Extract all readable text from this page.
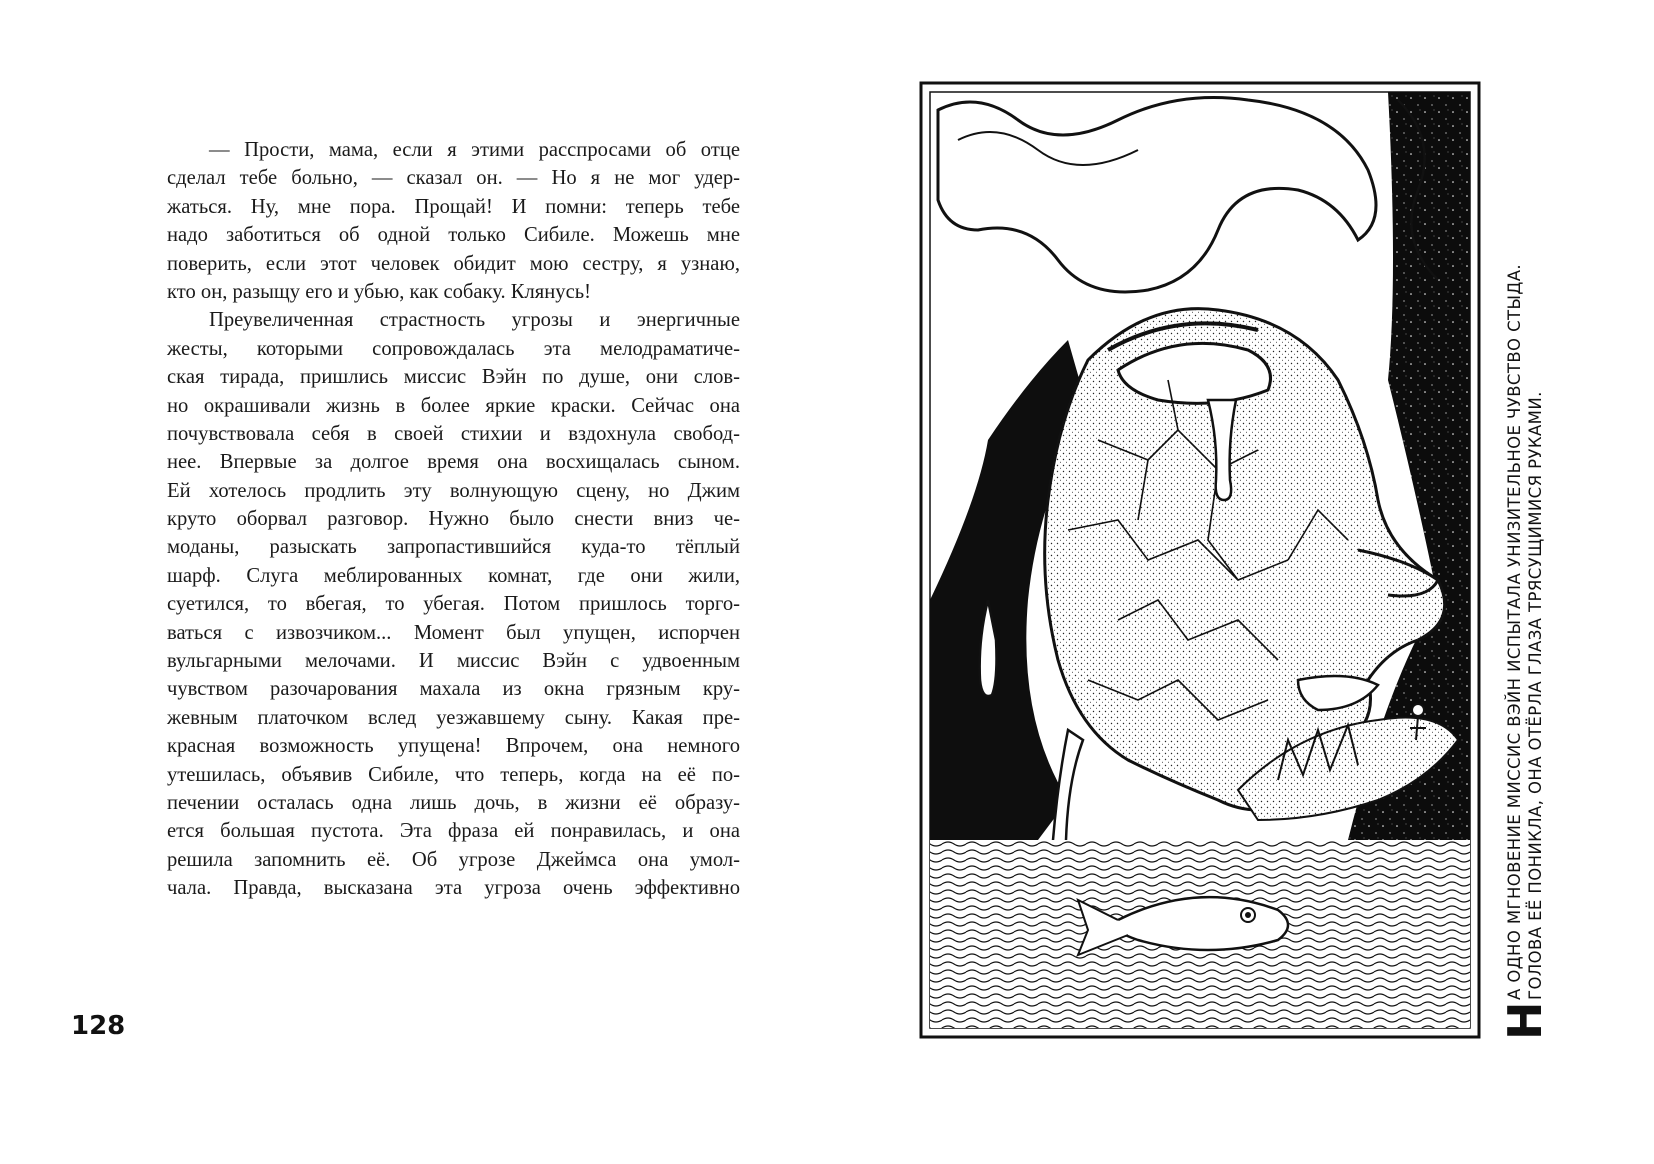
— Прости, мама, если я этими расспросами об отце
сделал тебе больно, — сказал он. — Но я не мог удер-
жаться. Ну, мне пора. Прощай! И помни: теперь тебе
надо заботиться об одной только Сибиле. Можешь мне
поверить, если этот человек обидит мою сестру, я узнаю,
кто он, разыщу его и убью, как собаку. Клянусь!
Преувеличенная страстность угрозы и энергичные
жесты, которыми сопровождалась эта мелодраматиче-
ская тирада, пришлись миссис Вэйн по душе, они слов-
но окрашивали жизнь в более яркие краски. Сейчас она
почувствовала себя в своей стихии и вздохнула свобод-
нее. Впервые за долгое время она восхищалась сыном.
Ей хотелось продлить эту волнующую сцену, но Джим
круто оборвал разговор. Нужно было снести вниз че-
моданы, разыскать запропастившийся куда-то тёплый
шарф. Слуга меблированных комнат, где они жили,
суетился, то вбегая, то убегая. Потом пришлось торго-
ваться с извозчиком... Момент был упущен, испорчен
вульгарными мелочами. И миссис Вэйн с удвоенным
чувством разочарования махала из окна грязным кру-
жевным платочком вслед уезжавшему сыну. Какая пре-
красная возможность упущена! Впрочем, она немного
утешилась, объявив Сибиле, что теперь, когда на её по-
печении осталась одна лишь дочь, в жизни её образу-
ется большая пустота. Эта фраза ей понравилась, и она
решила запомнить её. Об угрозе Джеймса она умол-
чала. Правда, высказана эта угроза очень эффективно
128	Н
А ОДНО МГНОВЕНИЕ МИССИС ВЭЙН ИСПЫТАЛА УНИЗИТЕЛЬНОЕ ЧУВСТВО СТЫДА. ГОЛОВА ЕЁ ПОНИКЛА, ОНА ОТЁРЛА ГЛАЗА ТРЯСУЩИМИСЯ РУКАМИ.
